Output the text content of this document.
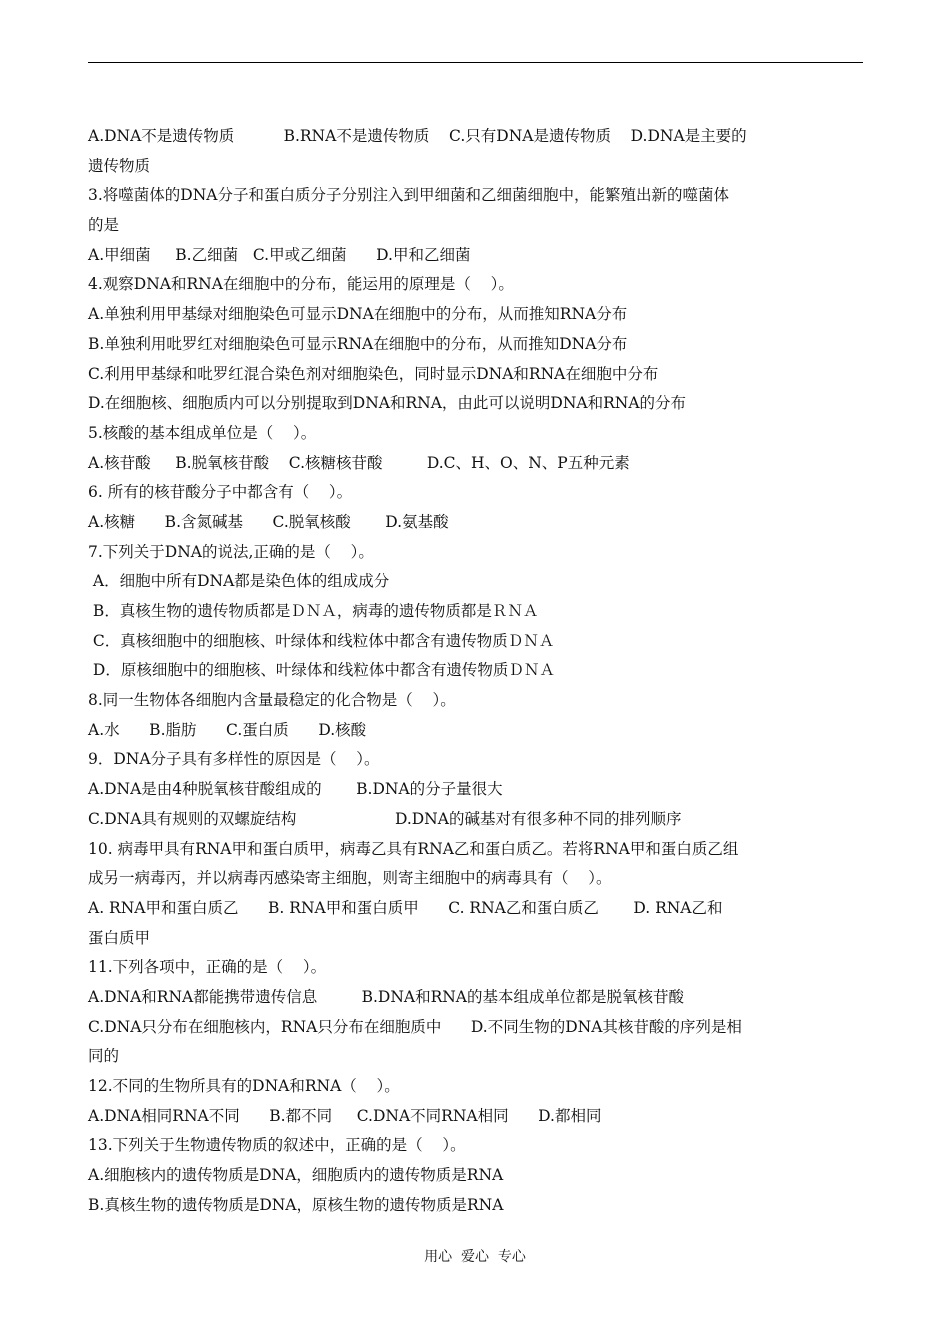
A.DNA不是遗传物质          B.RNA不是遗传物质    C.只有DNA是遗传物质    D.DNA是主要的
遗传物质
3.将噬菌体的DNA分子和蛋白质分子分别注入到甲细菌和乙细菌细胞中，能繁殖出新的噬菌体
的是
A.甲细菌     B.乙细菌   C.甲或乙细菌      D.甲和乙细菌
4.观察DNA和RNA在细胞中的分布，能运用的原理是（    ）。
A.单独利用甲基绿对细胞染色可显示DNA在细胞中的分布，从而推知RNA分布
B.单独利用吡罗红对细胞染色可显示RNA在细胞中的分布，从而推知DNA分布
C.利用甲基绿和吡罗红混合染色剂对细胞染色，同时显示DNA和RNA在细胞中分布
D.在细胞核、细胞质内可以分别提取到DNA和RNA，由此可以说明DNA和RNA的分布
5.核酸的基本组成单位是（    ）。
A.核苷酸     B.脱氧核苷酸    C.核糖核苷酸         D.C、H、O、N、P五种元素
6. 所有的核苷酸分子中都含有（    ）。
A.核糖      B.含氮碱基      C.脱氧核酸       D.氨基酸
7.下列关于DNA的说法,正确的是（    ）。
A．细胞中所有DNA都是染色体的组成成分
B．真核生物的遗传物质都是ＤＮＡ，病毒的遗传物质都是ＲＮＡ
C．真核细胞中的细胞核、叶绿体和线粒体中都含有遗传物质ＤＮＡ
D．原核细胞中的细胞核、叶绿体和线粒体中都含有遗传物质ＤＮＡ
8.同一生物体各细胞内含量最稳定的化合物是（    ）。
A.水      B.脂肪      C.蛋白质      D.核酸
9．DNA分子具有多样性的原因是（    ）。
A.DNA是由4种脱氧核苷酸组成的       B.DNA的分子量很大
C.DNA具有规则的双螺旋结构                    D.DNA的碱基对有很多种不同的排列顺序
10. 病毒甲具有RNA甲和蛋白质甲，病毒乙具有RNA乙和蛋白质乙。若将RNA甲和蛋白质乙组
成另一病毒丙，并以病毒丙感染寄主细胞，则寄主细胞中的病毒具有（    ）。
A. RNA甲和蛋白质乙      B. RNA甲和蛋白质甲      C. RNA乙和蛋白质乙       D. RNA乙和
蛋白质甲
11.下列各项中，正确的是（    ）。
A.DNA和RNA都能携带遗传信息         B.DNA和RNA的基本组成单位都是脱氧核苷酸
C.DNA只分布在细胞核内，RNA只分布在细胞质中      D.不同生物的DNA其核苷酸的序列是相
同的
12.不同的生物所具有的DNA和RNA（    ）。
A.DNA相同RNA不同      B.都不同     C.DNA不同RNA相同      D.都相同
13.下列关于生物遗传物质的叙述中，正确的是（    ）。
A.细胞核内的遗传物质是DNA，细胞质内的遗传物质是RNA
B.真核生物的遗传物质是DNA，原核生物的遗传物质是RNA
用心  爱心  专心
